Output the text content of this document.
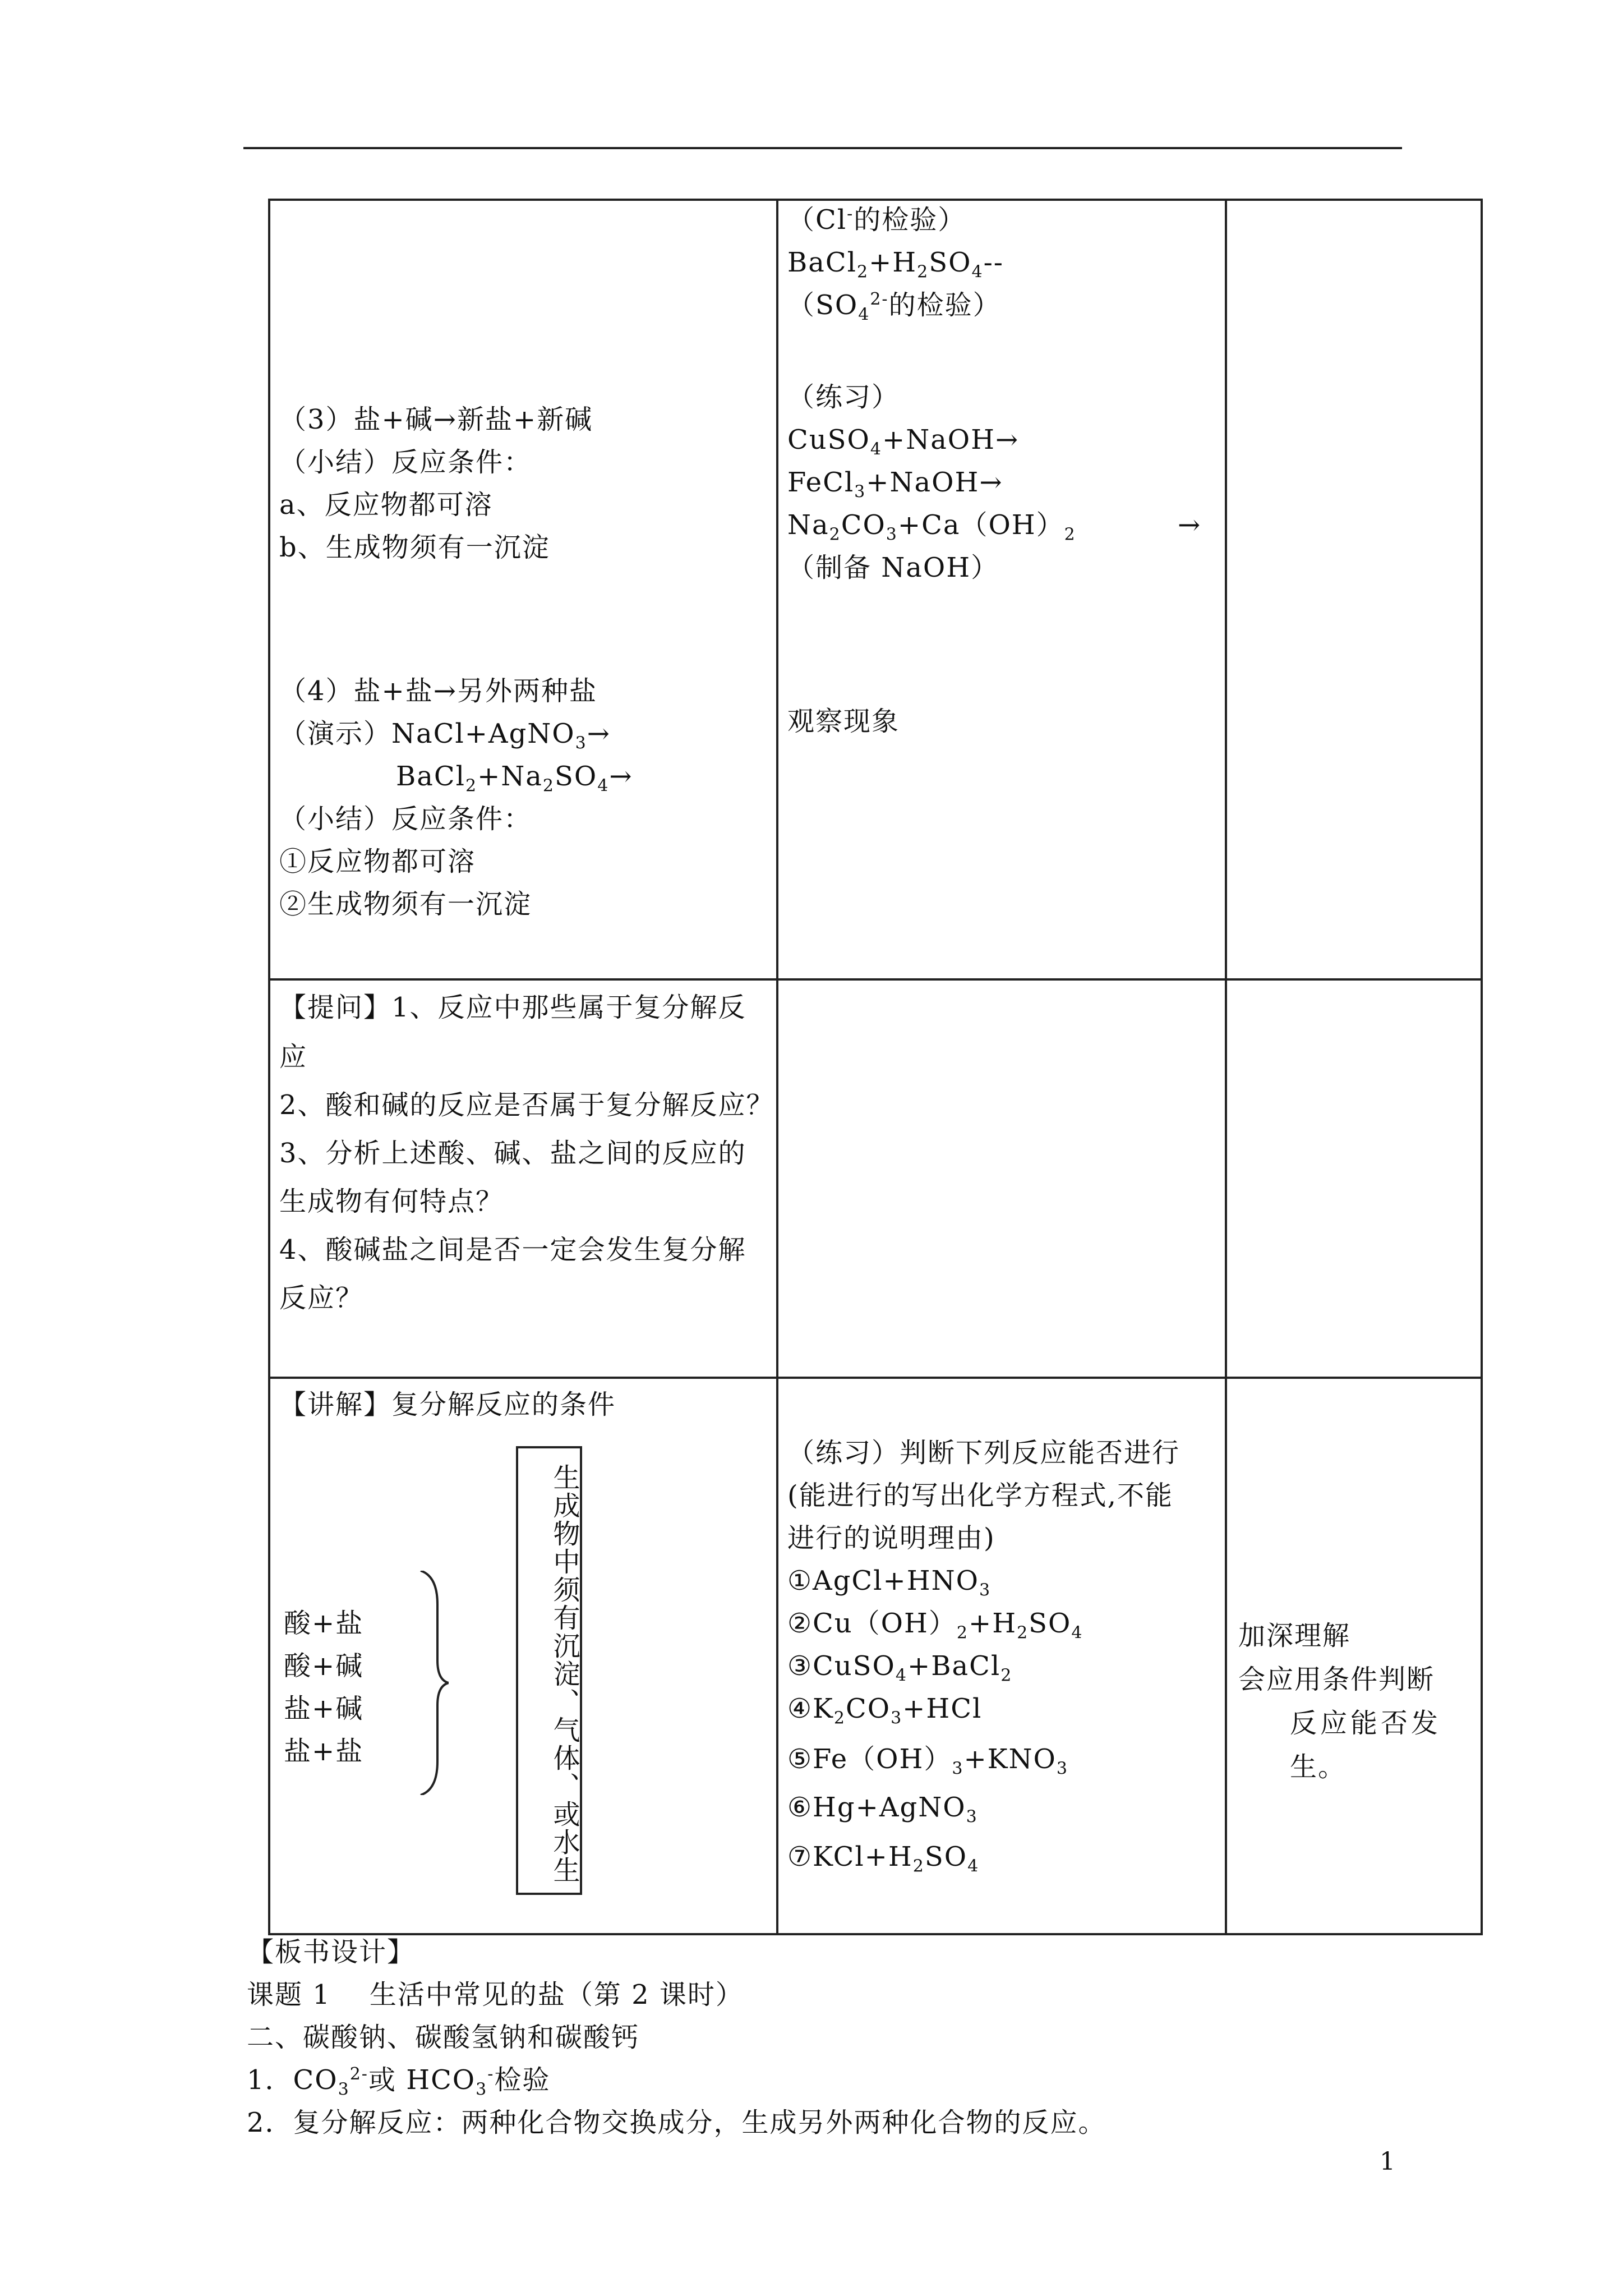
（3）盐+碱→新盐+新碱
（小结）反应条件：
a、反应物都可溶
b、生成物须有一沉淀
（4）盐+盐→另外两种盐
（演示）NaCl+AgNO$_3$→
$BaCl_2+Na_2SO_4\to$
（小结）反应条件：
①反应物都可溶
②生成物须有一沉淀
（Cl-的检验）
$BaCl_2+H_2SO_4--$
（$SO_4^{2-}$的检验）
（练习）
CuSO$_4$+NaOH→
FeCl$_3$+NaOH→
$Na_2CO_3+Ca(OH)_2$	→
（制备 NaOH）
观察现象
【提问】1、反应中那些属于复分解反
应
2、酸和碱的反应是否属于复分解反应？
3、分析上述酸、碱、盐之间的反应的
生成物有何特点？
4、酸碱盐之间是否一定会发生复分解
反应？
【讲解】复分解反应的条件
生成物中须有沉淀、气体、或水生
酸+盐
酸+碱
盐+碱
盐+盐
（练习）判断下列反应能否进行
(能进行的写出化学方程式,不能
进行的说明理由)
$①AgCl+HNO_3$
$②Cu(OH)_2+H_2SO_4$
③CuSO$_4$+BaCl$_2$
$④K_2CO_3+HCl$
$⑤Fe(OH)_3+KNO_3$
⑥Hg+AgNO$_3$
$⑦KCl+H_2SO_4$
加深理解
会应用条件判断
反应能否发
生。
【板书设计】
课题 1    生活中常见的盐（第 2 课时）
二、碳酸钠、碳酸氢钠和碳酸钙
1．$CO_3^{2-}$或 $HCO_3^-$检验
2．复分解反应：两种化合物交换成分，生成另外两种化合物的反应。
1
